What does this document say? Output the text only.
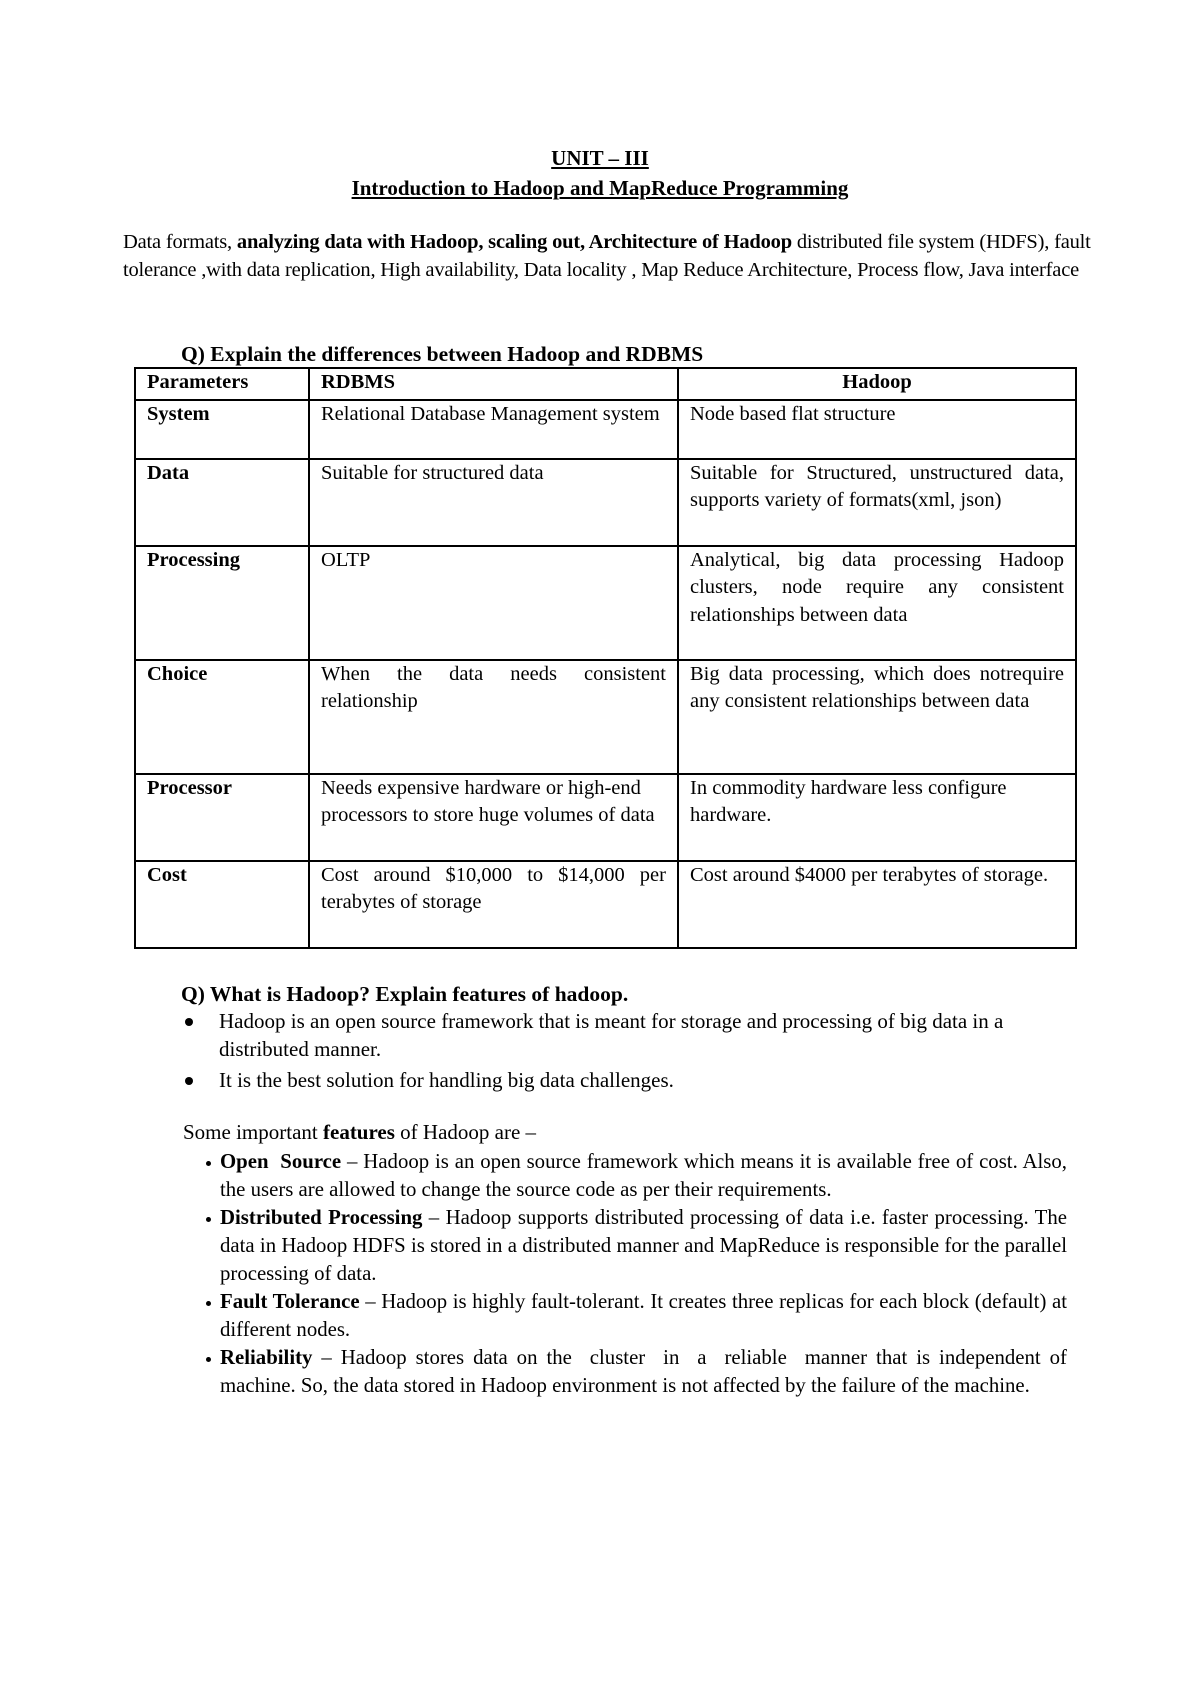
UNIT – III
Introduction to Hadoop and MapReduce Programming
Data formats, analyzing data with Hadoop, scaling out, Architecture of Hadoop distributed file system (HDFS), fault tolerance ,with data replication, High availability, Data locality , Map Reduce Architecture, Process flow, Java interface
Q) Explain the differences between Hadoop and RDBMS
Parameters	RDBMS	Hadoop
System	Relational Database Management system	Node based flat structure
Data	Suitable for structured data	Suitable for Structured, unstructured data, supports variety of formats(xml, json)
Processing	OLTP	Analytical, big data processing Hadoop clusters, node require any consistent relationships between data
Choice	When the data needs consistent relationship	Big data processing, which does notrequire any consistent relationships between data
Processor	Needs expensive hardware or high-end processors to store huge volumes of data	In commodity hardware less configure hardware.
Cost	Cost around $10,000 to $14,000 per terabytes of storage	Cost around $4000 per terabytes of storage.
Q) What is Hadoop? Explain features of hadoop.
Hadoop is an open source framework that is meant for storage and processing of big data in a distributed manner.
It is the best solution for handling big data challenges.
Some important features of Hadoop are –
Open  Source – Hadoop is an open source framework which means it is available free of cost. Also, the users are allowed to change the source code as per their requirements.
Distributed Processing – Hadoop supports distributed processing of data i.e. faster processing. The data in Hadoop HDFS is stored in a distributed manner and MapReduce is responsible for the parallel processing of data.
Fault Tolerance – Hadoop is highly fault-tolerant. It creates three replicas for each block (default) at different nodes.
Reliability – Hadoop stores data on the  cluster  in  a  reliable  manner that is independent of machine. So, the data stored in Hadoop environment is not affected by the failure of the machine.
